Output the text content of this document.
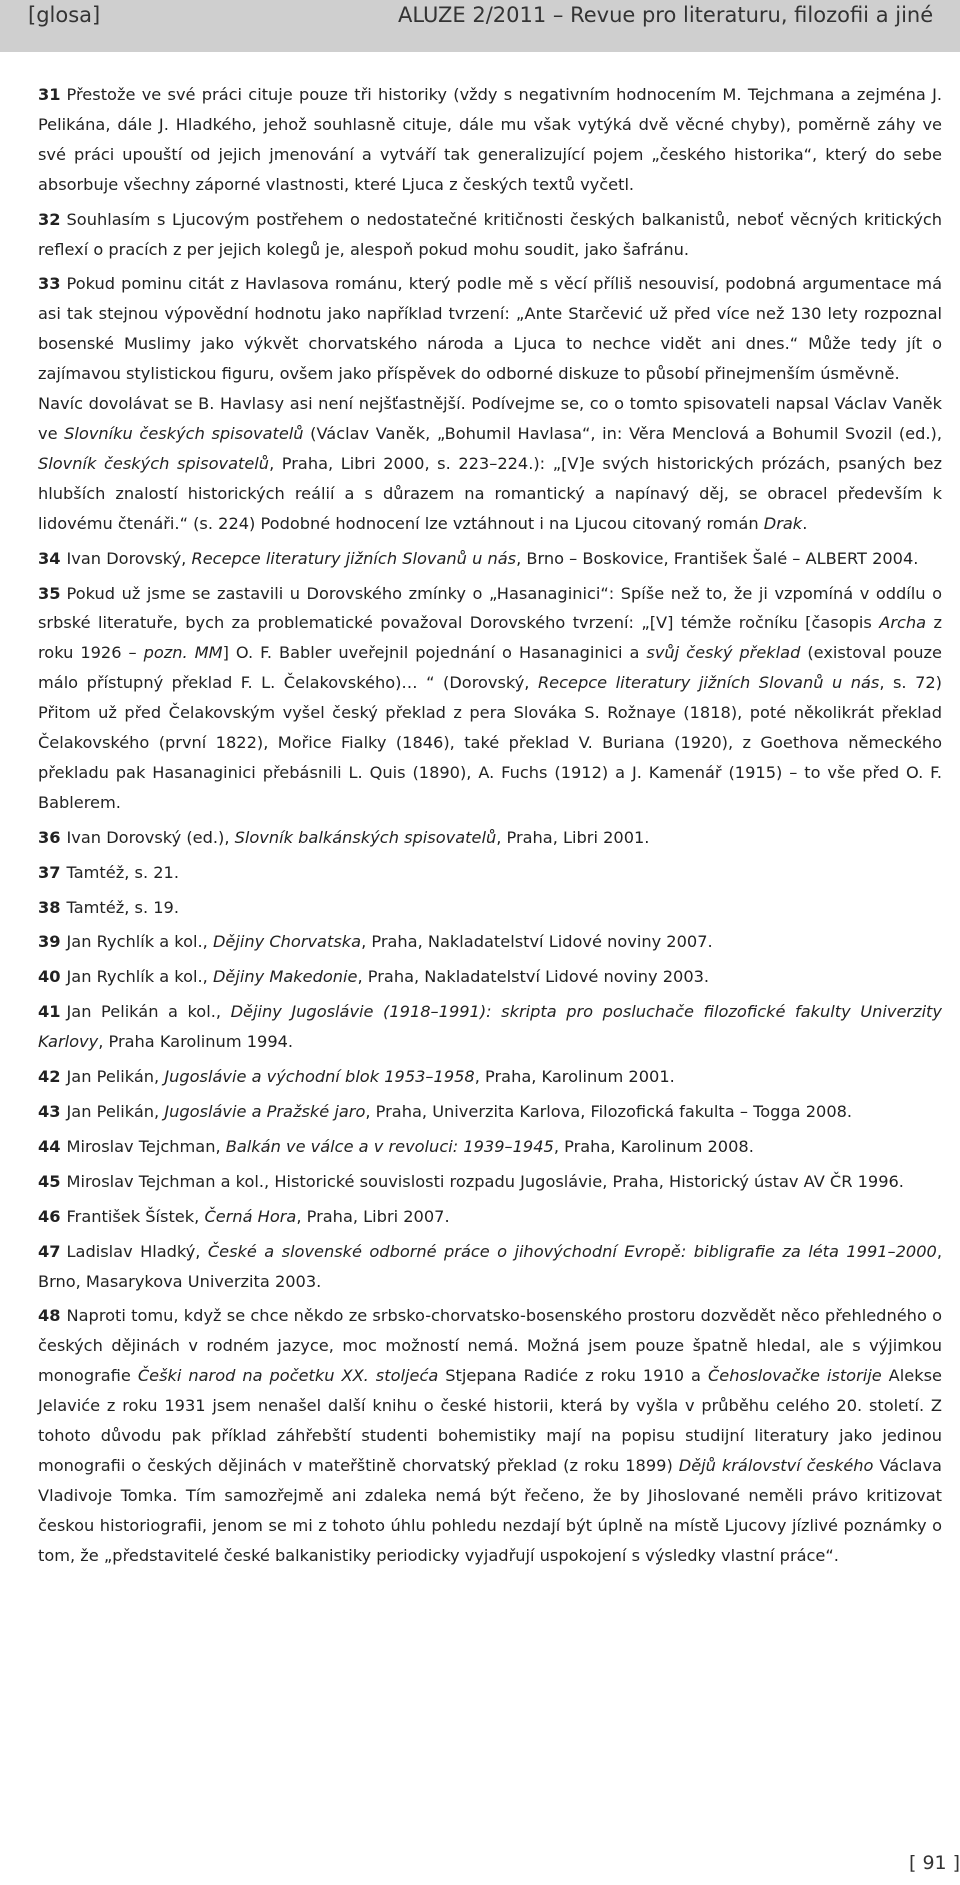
[glosa]	ALUZE 2/2011 – Revue pro literaturu, filozofii a jiné

31 Přestože ve své práci cituje pouze tři historiky (vždy s negativním hodnocením M. Tejchmana a zejména J. Pelikána, dále J. Hladkého, jehož souhlasně cituje, dále mu však vytýká dvě věcné chyby), poměrně záhy ve své práci upouští od jejich jmenování a vytváří tak generalizující pojem „českého historika“, který do sebe absorbuje všechny záporné vlastnosti, které Ljuca z českých textů vyčetl.

32 Souhlasím s Ljucovým postřehem o nedostatečné kritičnosti českých balkanistů, neboť věcných kritických reflexí o pracích z per jejich kolegů je, alespoň pokud mohu soudit, jako šafránu.

33 Pokud pominu citát z Havlasova románu, který podle mě s věcí příliš nesouvisí, podobná argumentace má asi tak stejnou výpovědní hodnotu jako například tvrzení: „Ante Starčević už před více než 130 lety rozpoznal bosenské Muslimy jako výkvět chorvatského národa a Ljuca to nechce vidět ani dnes.“ Může tedy jít o zajímavou stylistickou figuru, ovšem jako příspěvek do odborné diskuze to působí přinejmenším úsměvně.

Navíc dovolávat se B. Havlasy asi není nejšťastnější. Podívejme se, co o tomto spisovateli napsal Václav Vaněk ve Slovníku českých spisovatelů (Václav Vaněk, „Bohumil Havlasa“, in: Věra Menclová a Bohumil Svozil (ed.), Slovník českých spisovatelů, Praha, Libri 2000, s. 223–224.): „[V]e svých historických prózách, psaných bez hlubších znalostí historických reálií a s důrazem na romantický a napínavý děj, se obracel především k lidovému čtenáři.“ (s. 224) Podobné hodnocení lze vztáhnout i na Ljucou citovaný román Drak.

34 Ivan Dorovský, Recepce literatury jižních Slovanů u nás, Brno – Boskovice, František Šalé – ALBERT 2004.

35 Pokud už jsme se zastavili u Dorovského zmínky o „Hasanaginici“: Spíše než to, že ji vzpomíná v oddílu o srbské literatuře, bych za problematické považoval Dorovského tvrzení: „[V] témže ročníku [časopis Archa z roku 1926 – pozn. MM] O. F. Babler uveřejnil pojednání o Hasanaginici a svůj český překlad (existoval pouze málo přístupný překlad F. L. Čelakovského)… “ (Dorovský, Recepce literatury jižních Slovanů u nás, s. 72) Přitom už před Čelakovským vyšel český překlad z pera Slováka S. Rožnaye (1818), poté několikrát překlad Čelakovského (první 1822), Mořice Fialky (1846), také překlad V. Buriana (1920), z Goethova německého překladu pak Hasanaginici přebásnili L. Quis (1890), A. Fuchs (1912) a J. Kamenář (1915) – to vše před O. F. Bablerem.

36 Ivan Dorovský (ed.), Slovník balkánských spisovatelů, Praha, Libri 2001.

37 Tamtéž, s. 21.

38 Tamtéž, s. 19.

39 Jan Rychlík a kol., Dějiny Chorvatska, Praha, Nakladatelství Lidové noviny 2007.

40 Jan Rychlík a kol., Dějiny Makedonie, Praha, Nakladatelství Lidové noviny 2003.

41 Jan Pelikán a kol., Dějiny Jugoslávie (1918–1991): skripta pro posluchače filozofické fakulty Univerzity Karlovy, Praha Karolinum 1994.

42 Jan Pelikán, Jugoslávie a východní blok 1953–1958, Praha, Karolinum 2001.

43 Jan Pelikán, Jugoslávie a Pražské jaro, Praha, Univerzita Karlova, Filozofická fakulta – Togga 2008.

44 Miroslav Tejchman, Balkán ve válce a v revoluci: 1939–1945, Praha, Karolinum 2008.

45 Miroslav Tejchman a kol., Historické souvislosti rozpadu Jugoslávie, Praha, Historický ústav AV ČR 1996.

46 František Šístek, Černá Hora, Praha, Libri 2007.

47 Ladislav Hladký, České a slovenské odborné práce o jihovýchodní Evropě: bibligrafie za léta 1991–2000, Brno, Masarykova Univerzita 2003.

48 Naproti tomu, když se chce někdo ze srbsko-chorvatsko-bosenského prostoru dozvědět něco přehledného o českých dějinách v rodném jazyce, moc možností nemá. Možná jsem pouze špatně hledal, ale s výjimkou monografie Češki narod na početku XX. stoljeća Stjepana Radiće z roku 1910 a Čehoslovačke istorije Alekse Jelaviće z roku 1931 jsem nenašel další knihu o české historii, která by vyšla v průběhu celého 20. století. Z tohoto důvodu pak příklad záhřebští studenti bohemistiky mají na popisu studijní literatury jako jedinou monografii o českých dějinách v mateřštině chorvatský překlad (z roku 1899) Dějů království českého Václava Vladivoje Tomka. Tím samozřejmě ani zdaleka nemá být řečeno, že by Jihoslované neměli právo kritizovat českou historiografii, jenom se mi z tohoto úhlu pohledu nezdají být úplně na místě Ljucovy jízlivé poznámky o tom, že „představitelé české balkanistiky periodicky vyjadřují uspokojení s výsledky vlastní práce“.

[ 91 ]
